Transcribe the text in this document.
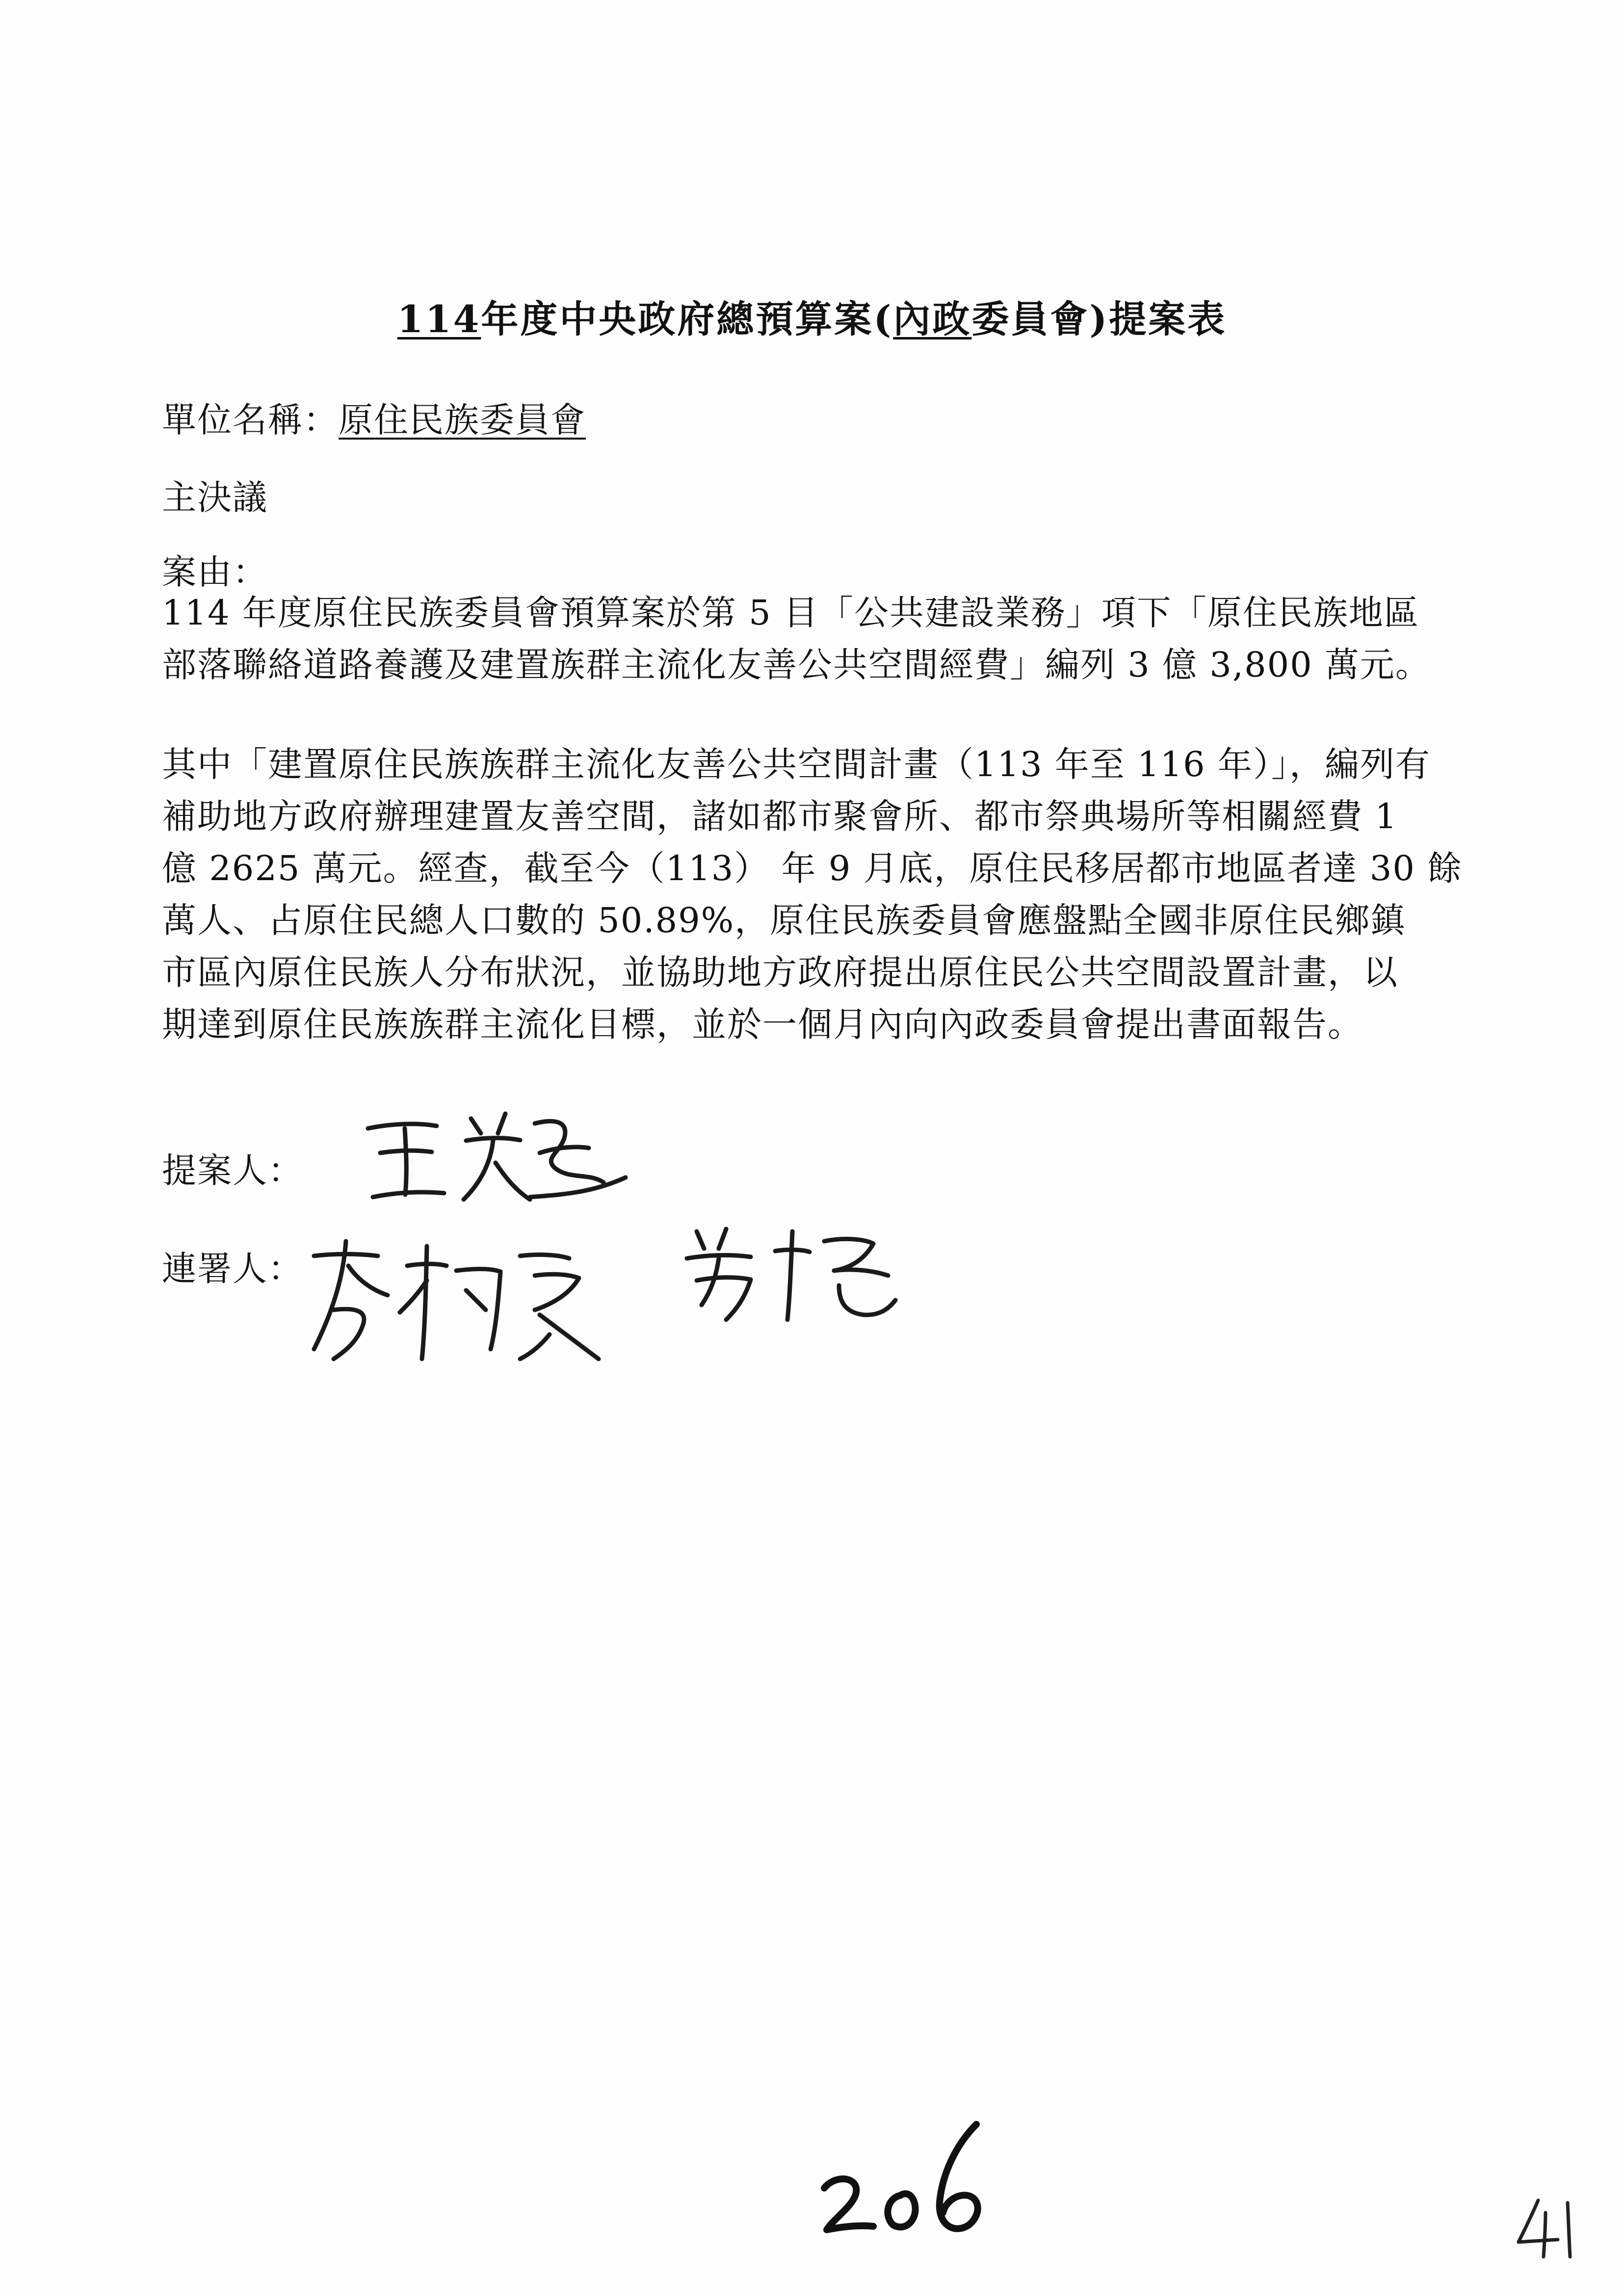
114年度中央政府總預算案(內政委員會)提案表
單位名稱：原住民族委員會
主決議
案由：
114 年度原住民族委員會預算案於第 5 目「公共建設業務」項下「原住民族地區
部落聯絡道路養護及建置族群主流化友善公共空間經費」編列 3 億 3,800 萬元。
其中「建置原住民族族群主流化友善公共空間計畫（113 年至 116 年）」，編列有
補助地方政府辦理建置友善空間，諸如都市聚會所、都市祭典場所等相關經費 1
億 2625 萬元。經查，截至今（113） 年 9 月底，原住民移居都市地區者達 30 餘
萬人、占原住民總人口數的 50.89%，原住民族委員會應盤點全國非原住民鄉鎮
市區內原住民族人分布狀況，並協助地方政府提出原住民公共空間設置計畫，以
期達到原住民族族群主流化目標，並於一個月內向內政委員會提出書面報告。
提案人：
連署人：
